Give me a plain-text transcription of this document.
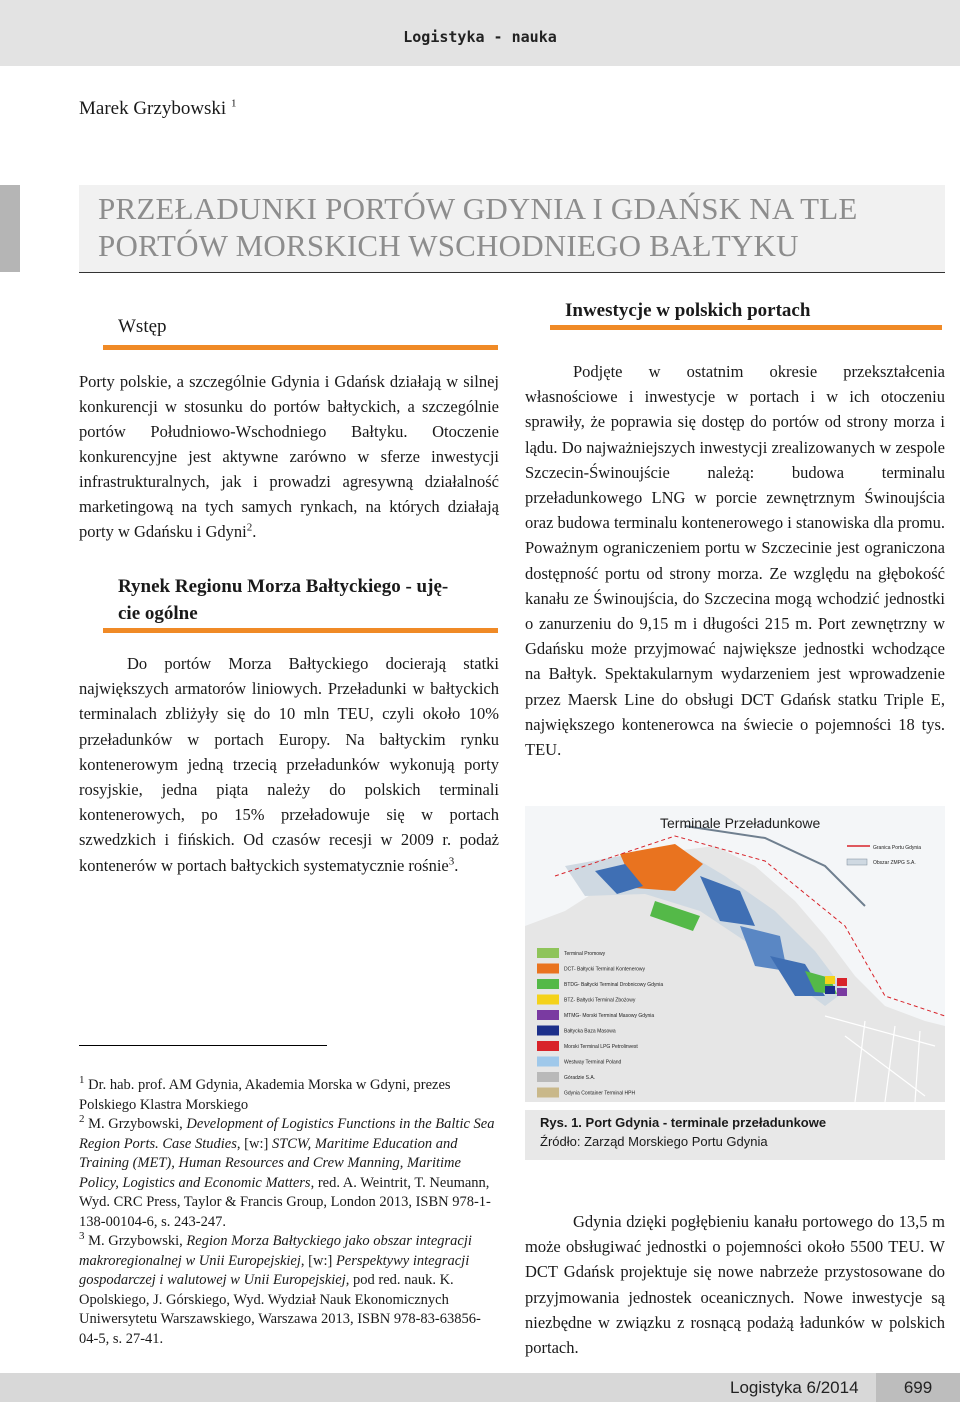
Logistyka - nauka
Marek Grzybowski $^1$
PRZEŁADUNKI PORTÓW GDYNIA I GDAŃSK NA TLE
PORTÓW MORSKICH WSCHODNIEGO BAŁTYKU
Wstęp
Porty polskie, a szczególnie Gdynia i Gdańsk działają w silnej konkurencji w stosunku do portów bałtyckich, a szczególnie portów Południowo-Wschodniego Bałtyku. Otoczenie konkurencyjne jest aktywne zarówno w sferze inwestycji infrastrukturalnych, jak i prowadzi agresywną działalność marketingową na tych samych rynkach, na których działają porty w Gdańsku i Gdyni$^2$.
Rynek Regionu Morza Bałtyckiego - uję-
cie ogólne
Do portów Morza Bałtyckiego docierają statki największych armatorów liniowych. Przeładunki w bałtyckich terminalach zbliżyły się do 10 mln TEU, czyli około 10% przeładunków w portach Europy. Na bałtyckim rynku kontenerowym jedną trzecią przeładunków wykonują porty rosyjskie, jedna piąta należy do polskich terminali kontenerowych, po 15% przeładowuje się w portach szwedzkich i fińskich. Od czasów recesji w 2009 r. podaż kontenerów w portach bałtyckich systematycznie rośnie$^3$.

$^1$ Dr. hab. prof. AM Gdynia, Akademia Morska w Gdyni, prezes Polskiego Klastra Morskiego

$^2$ M. Grzybowski, Development of Logistics Functions in the Baltic Sea Region Ports. Case Studies, [w:] STCW, Maritime Education and Training (MET), Human Resources and Crew Manning, Maritime Policy, Logistics and Economic Matters, red. A. Weintrit, T. Neumann, Wyd. CRC Press, Taylor & Francis Group, London 2013, ISBN 978-1-138-00104-6, s. 243-247.

$^3$ M. Grzybowski, Region Morza Bałtyckiego jako obszar integracji makroregionalnej w Unii Europejskiej, [w:] Perspektywy integracji gospodarczej i walutowej w Unii Europejskiej, pod red. nauk. K. Opolskiego, J. Górskiego, Wyd. Wydział Nauk Ekonomicznych Uniwersytetu Warszawskiego, Warszawa 2013, ISBN 978-83-63856-04-5, s. 27-41.

Inwestycje w polskich portach
Podjęte w ostatnim okresie przekształcenia własnościowe i inwestycje w portach i w ich otoczeniu sprawiły, że poprawia się dostęp do portów od strony morza i lądu. Do najważniejszych inwestycji zrealizowanych w zespole Szczecin-Świnoujście należą: budowa terminalu przeładunkowego LNG w porcie zewnętrznym Świnoujścia oraz budowa terminalu kontenerowego i stanowiska dla promu. Poważnym ograniczeniem portu w Szczecinie jest ograniczona dostępność portu od strony morza. Ze względu na głębokość kanału ze Świnoujścia, do Szczecina mogą wchodzić jednostki o zanurzeniu do 9,15 m i długości 215 m. Port zewnętrzny w Gdańsku może przyjmować największe jednostki wchodzące na Bałtyk. Spektakularnym wydarzeniem jest wprowadzenie przez Maersk Line do obsługi DCT Gdańsk statku Triple E, największego kontenerowca na świecie o pojemności 18 tys. TEU.
Terminale Przeładunkowe
Granica Portu Gdynia
Obszar ZMPG S.A.
Terminal Promowy
DCT- Bałtycki Terminal Kontenerowy
BTDG- Bałtycki Terminal Drobnicowy Gdynia
BTZ- Bałtycki Terminal Zbożowy
MTMG- Morski Terminal Masowy Gdynia
Bałtycka Baza Masowa
Morski Terminal LPG Petrolinvest
Westway Terminal Poland
Góradzie S.A.
Gdynia Container Terminal HPH
Rys. 1. Port Gdynia - terminale przeładunkowe
Źródło: Zarząd Morskiego Portu Gdynia
Gdynia dzięki pogłębieniu kanału portowego do 13,5 m może obsługiwać jednostki o pojemności około 5500 TEU. W DCT Gdańsk projektuje się nowe nabrzeże przystosowane do przyjmowania jednostek oceanicznych. Nowe inwestycje są niezbędne w związku z rosnącą podażą ładunków w polskich portach.
Logistyka 6/2014	699
